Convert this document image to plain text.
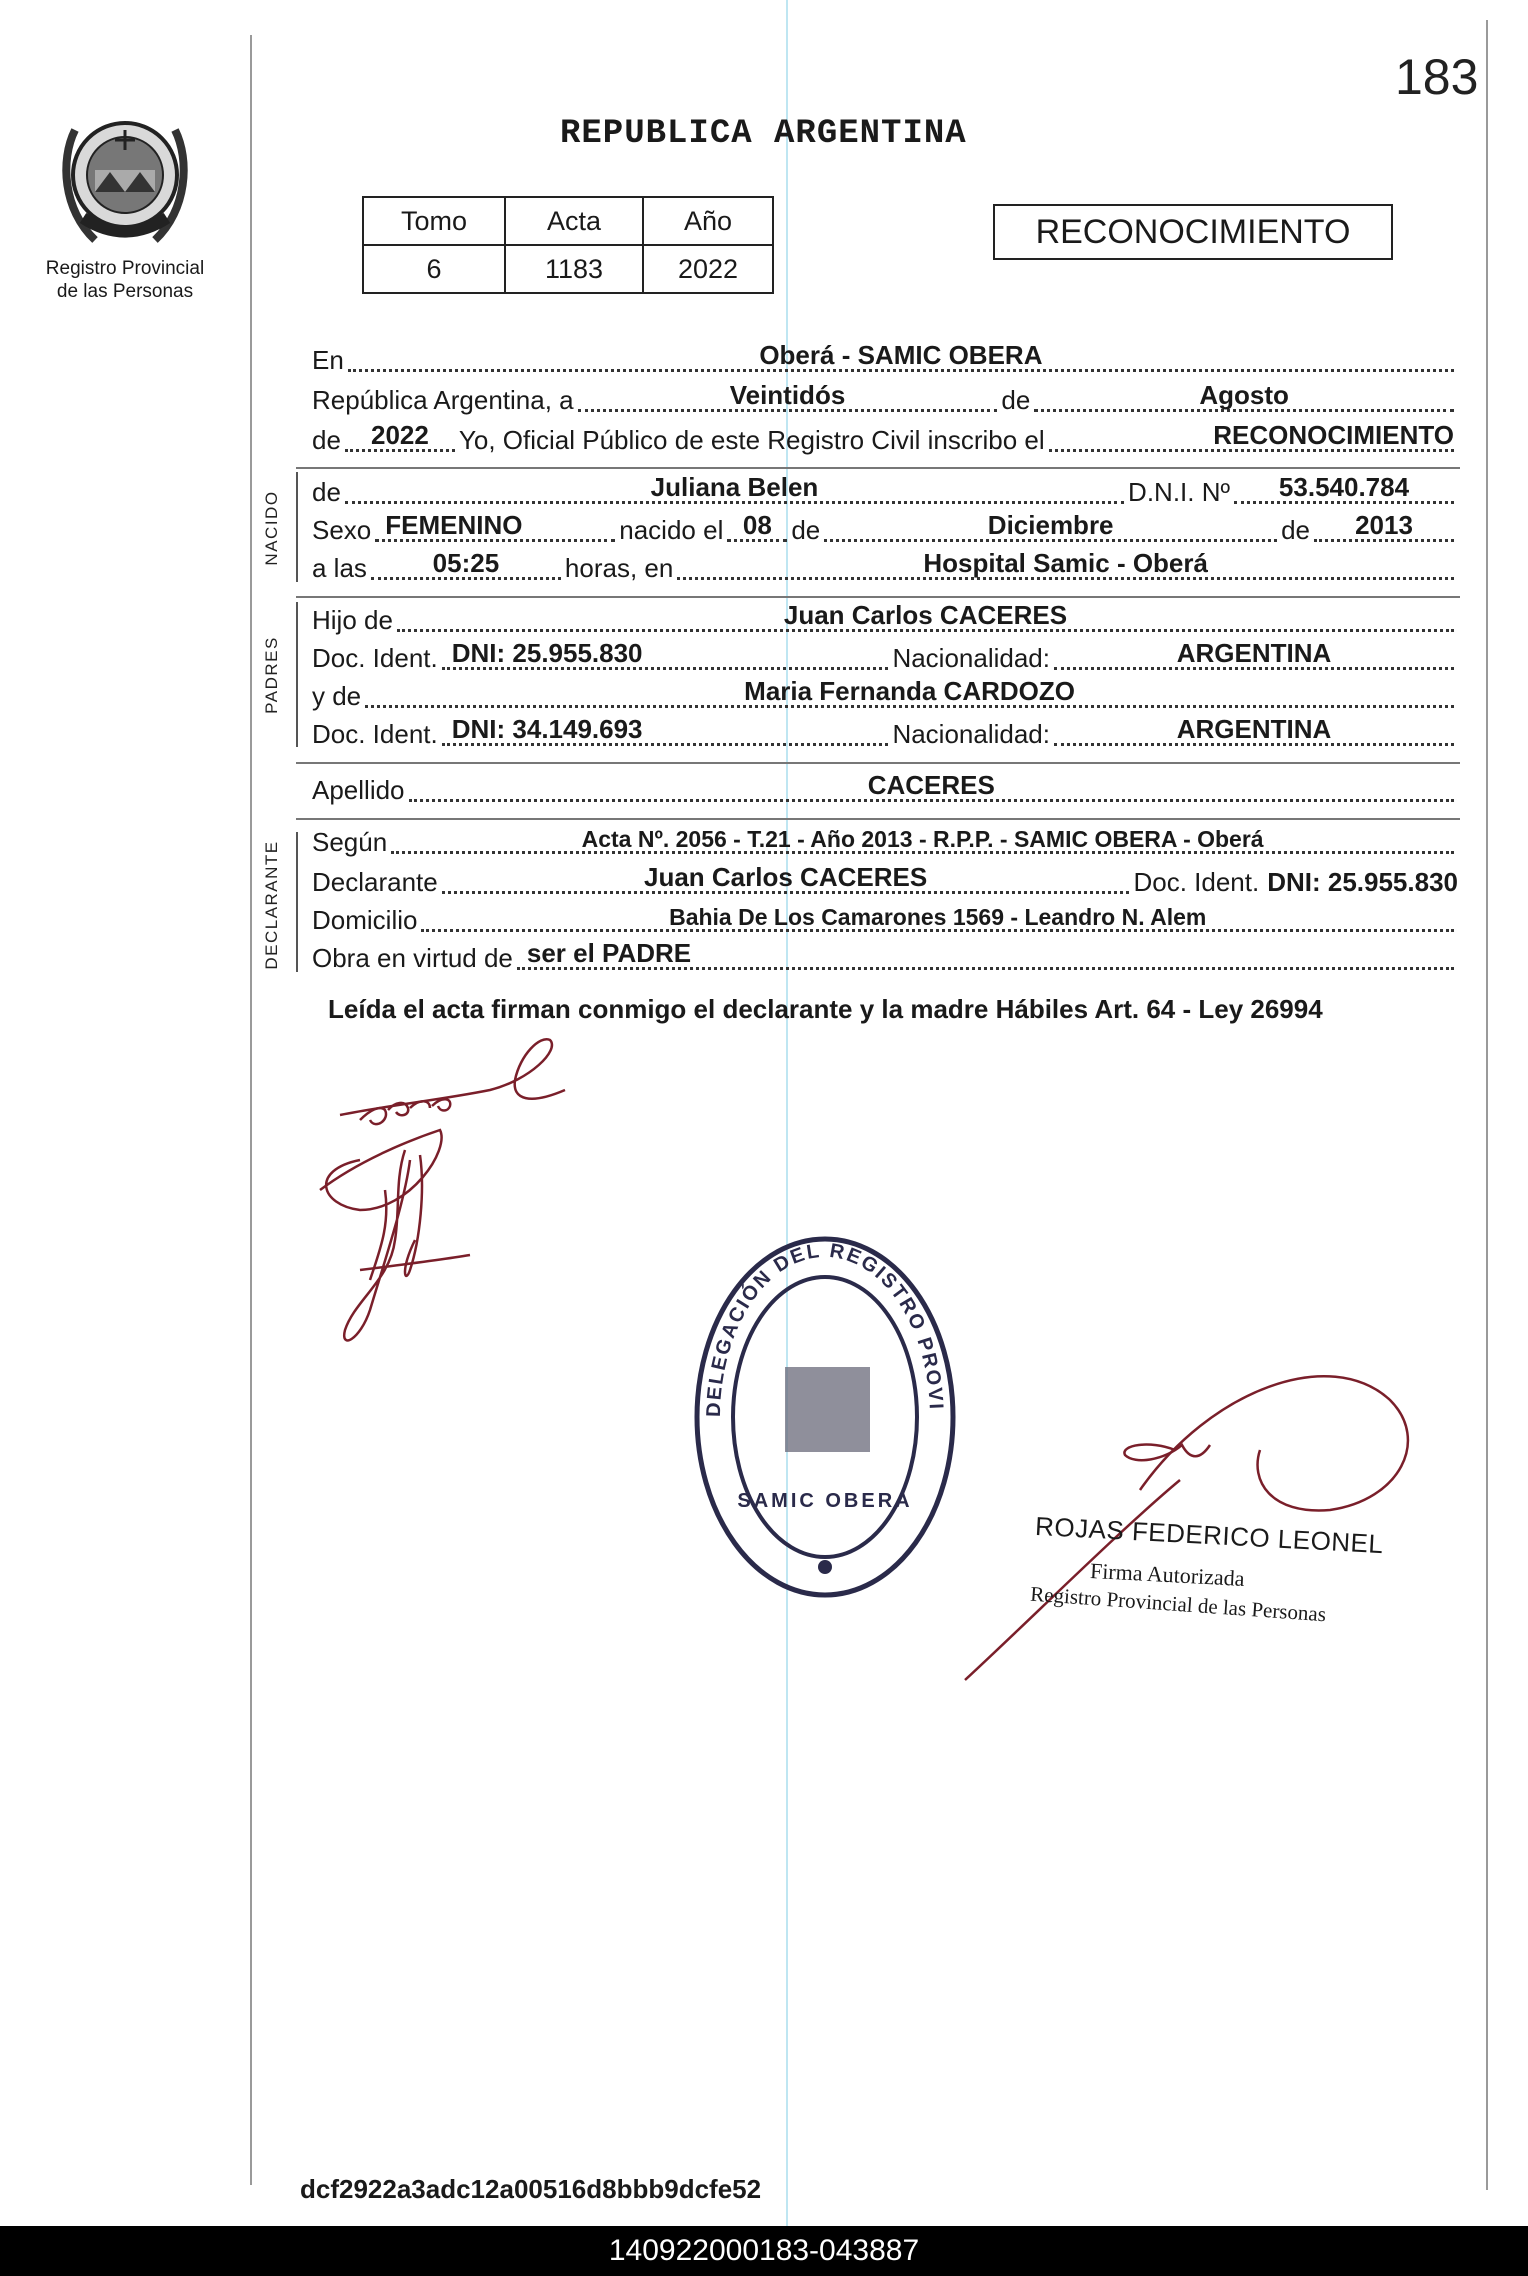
183
Registro Provincial
de las Personas
REPUBLICA ARGENTINA
Tomo	Acta	Año
6	1183	2022
RECONOCIMIENTO
En	Oberá - SAMIC OBERA
República Argentina, a	Veintidós	de	Agosto
de	2022	Yo, Oficial Público de este Registro Civil inscribo el	RECONOCIMIENTO
NACIDO de	Juliana Belen	D.N.I. Nº	53.540.784
Sexo FEMENINO	nacido el 08 de	Diciembre	de	2013
a las	05:25	horas, en	Hospital Samic - Oberá
PADRES
Hijo de	Juan Carlos CACERES
Doc. Ident. DNI: 25.955.830	Nacionalidad:	ARGENTINA
y de	Maria Fernanda CARDOZO
Doc. Ident. DNI: 34.149.693	Nacionalidad:	ARGENTINA
Apellido	CACERES
DECLARANTE Según	Acta Nº. 2056 - T.21 - Año 2013 - R.P.P. - SAMIC OBERA - Oberá
Declarante	Juan Carlos CACERES	Doc. Ident. DNI: 25.955.830
Domicilio	Bahia De Los Camarones 1569 - Leandro N. Alem
Obra en virtud de ser el PADRE
Leída el acta firman conmigo el declarante y la madre Hábiles Art. 64 - Ley 26994
DELEGACIÓN DEL REGISTRO PROVI
SAMIC OBERA
ROJAS FEDERICO LEONEL
Firma Autorizada
Registro Provincial de las Personas
dcf2922a3adc12a00516d8bbb9dcfe52
140922000183-043887
